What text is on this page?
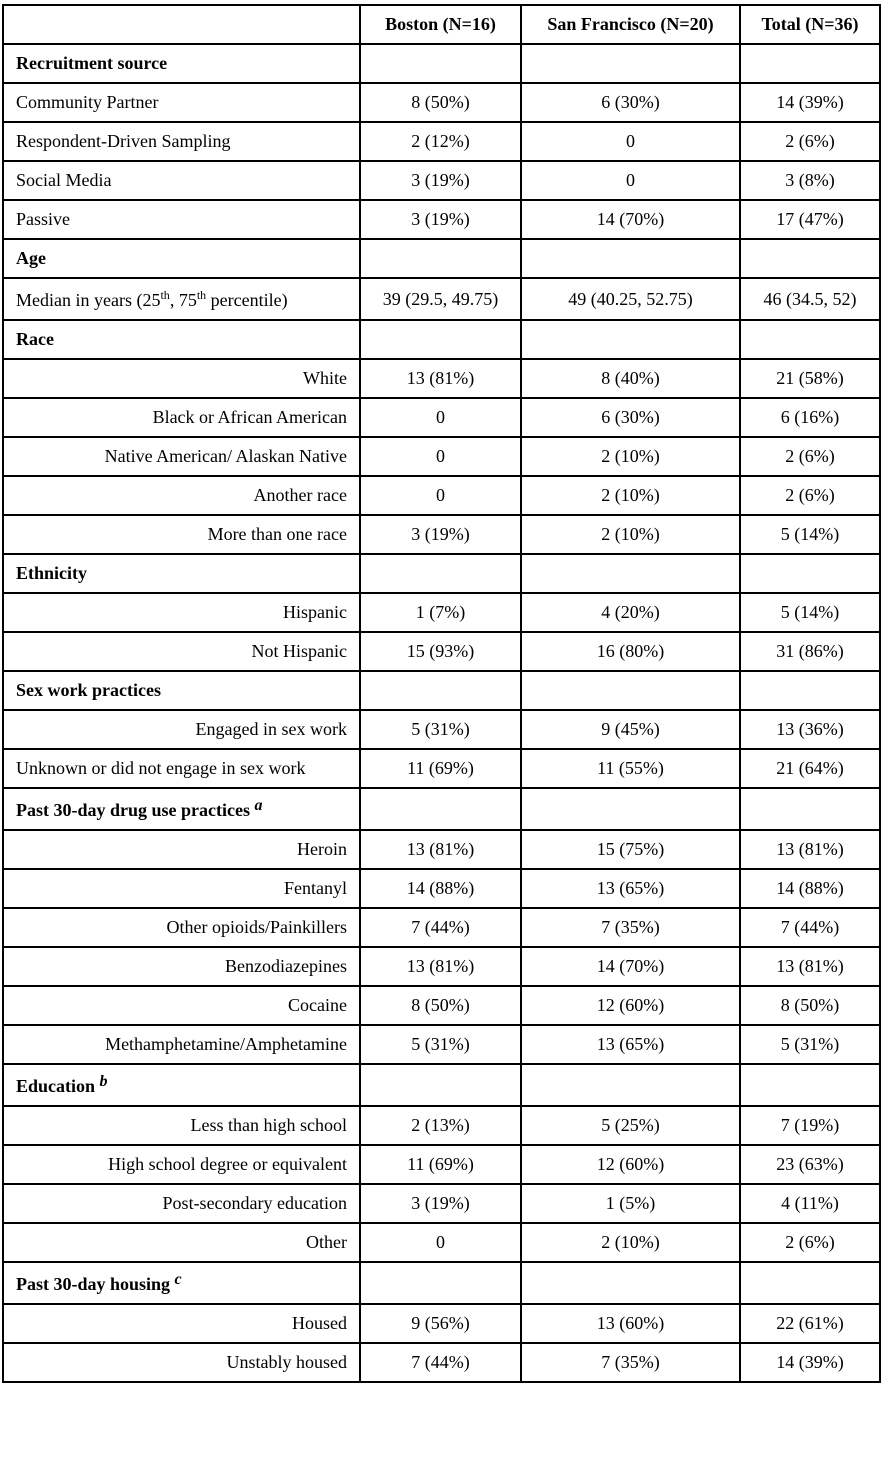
	Boston (N=16)	San Francisco (N=20)	Total (N=36)
Recruitment source			
Community Partner	8 (50%)	6 (30%)	14 (39%)
Respondent-Driven Sampling	2 (12%)	0	2 (6%)
Social Media	3 (19%)	0	3 (8%)
Passive	3 (19%)	14 (70%)	17 (47%)
Age			
Median in years (25th, 75th percentile)	39 (29.5, 49.75)	49 (40.25, 52.75)	46 (34.5, 52)
Race			
White	13 (81%)	8 (40%)	21 (58%)
Black or African American	0	6 (30%)	6 (16%)
Native American/ Alaskan Native	0	2 (10%)	2 (6%)
Another race	0	2 (10%)	2 (6%)
More than one race	3 (19%)	2 (10%)	5 (14%)
Ethnicity			
Hispanic	1 (7%)	4 (20%)	5 (14%)
Not Hispanic	15 (93%)	16 (80%)	31 (86%)
Sex work practices			
Engaged in sex work	5 (31%)	9 (45%)	13 (36%)
Unknown or did not engage in sex work	11 (69%)	11 (55%)	21 (64%)
Past 30-day drug use practices a			
Heroin	13 (81%)	15 (75%)	13 (81%)
Fentanyl	14 (88%)	13 (65%)	14 (88%)
Other opioids/Painkillers	7 (44%)	7 (35%)	7 (44%)
Benzodiazepines	13 (81%)	14 (70%)	13 (81%)
Cocaine	8 (50%)	12 (60%)	8 (50%)
Methamphetamine/Amphetamine	5 (31%)	13 (65%)	5 (31%)
Education b			
Less than high school	2 (13%)	5 (25%)	7 (19%)
High school degree or equivalent	11 (69%)	12 (60%)	23 (63%)
Post-secondary education	3 (19%)	1 (5%)	4 (11%)
Other	0	2 (10%)	2 (6%)
Past 30-day housing c			
Housed	9 (56%)	13 (60%)	22 (61%)
Unstably housed	7 (44%)	7 (35%)	14 (39%)
